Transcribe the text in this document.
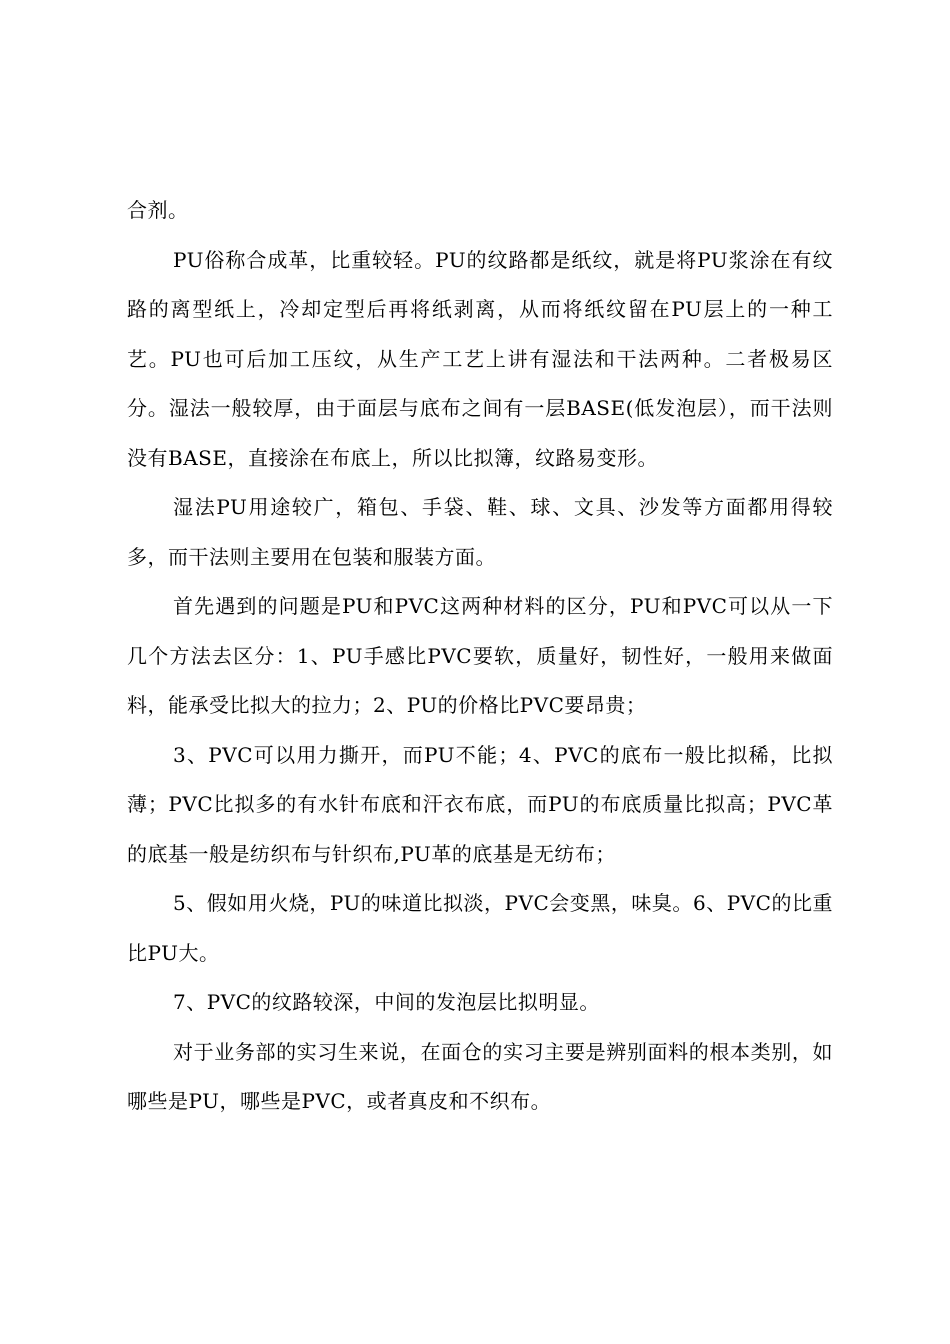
合剂。

PU俗称合成革，比重较轻。PU的纹路都是纸纹，就是将PU浆涂在有纹路的离型纸上，冷却定型后再将纸剥离，从而将纸纹留在PU层上的一种工艺。PU也可后加工压纹，从生产工艺上讲有湿法和干法两种。二者极易区分。湿法一般较厚，由于面层与底布之间有一层BASE(低发泡层），而干法则没有BASE，直接涂在布底上，所以比拟簿，纹路易变形。

湿法PU用途较广，箱包、手袋、鞋、球、文具、沙发等方面都用得较多，而干法则主要用在包装和服装方面。

首先遇到的问题是PU和PVC这两种材料的区分，PU和PVC可以从一下几个方法去区分：1、PU手感比PVC要软，质量好，韧性好，一般用来做面料，能承受比拟大的拉力；2、PU的价格比PVC要昂贵；

3、PVC可以用力撕开，而PU不能；4、PVC的底布一般比拟稀，比拟薄；PVC比拟多的有水针布底和汗衣布底，而PU的布底质量比拟高；PVC革的底基一般是纺织布与针织布,PU革的底基是无纺布；

5、假如用火烧，PU的味道比拟淡，PVC会变黑，味臭。6、PVC的比重比PU大。

7、PVC的纹路较深，中间的发泡层比拟明显。

对于业务部的实习生来说，在面仓的实习主要是辨别面料的根本类别，如哪些是PU，哪些是PVC，或者真皮和不织布。
